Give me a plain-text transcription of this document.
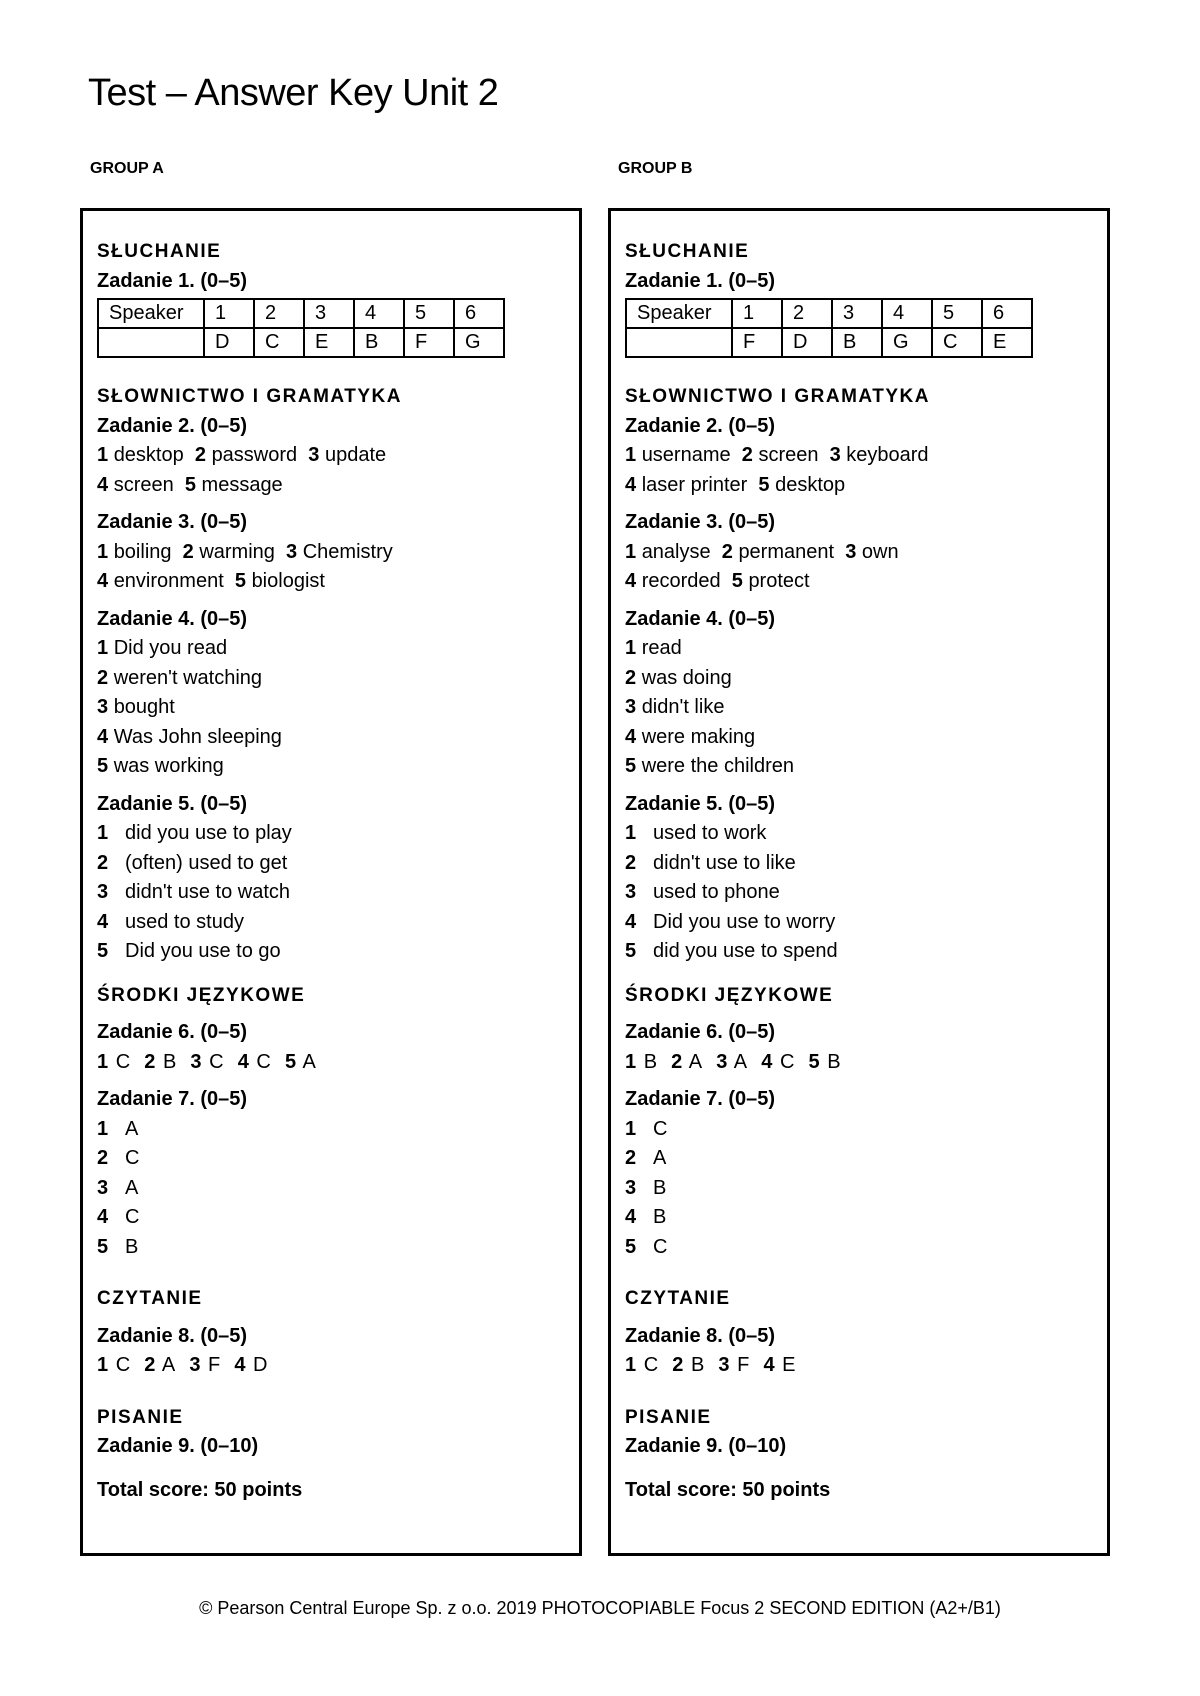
Test – Answer Key Unit 2
GROUP A	GROUP B
SŁUCHANIE
Zadanie 1. (0–5)
Speaker	1	2	3	4	5	6
	D	C	E	B	F	G
SŁOWNICTWO I GRAMATYKA
Zadanie 2. (0–5)
1 desktop 2 password 3 update
4 screen 5 message
Zadanie 3. (0–5)
1 boiling 2 warming 3 Chemistry
4 environment 5 biologist
Zadanie 4. (0–5)
1 Did you read
2 weren't watching
3 bought
4 Was John sleeping
5 was working
Zadanie 5. (0–5)
1 did you use to play
2 (often) used to get
3 didn't use to watch
4 used to study
5 Did you use to go
ŚRODKI JĘZYKOWE
Zadanie 6. (0–5)
1 C 2 B 3 C 4 C 5 A
Zadanie 7. (0–5)
1 A
2 C
3 A
4 C
5 B
CZYTANIE
Zadanie 8. (0–5)
1 C 2 A 3 F 4 D
PISANIE
Zadanie 9. (0–10)
Total score: 50 points
SŁUCHANIE
Zadanie 1. (0–5)
Speaker	1	2	3	4	5	6
	F	D	B	G	C	E
SŁOWNICTWO I GRAMATYKA
Zadanie 2. (0–5)
1 username 2 screen 3 keyboard
4 laser printer 5 desktop
Zadanie 3. (0–5)
1 analyse 2 permanent 3 own
4 recorded 5 protect
Zadanie 4. (0–5)
1 read
2 was doing
3 didn't like
4 were making
5 were the children
Zadanie 5. (0–5)
1 used to work
2 didn't use to like
3 used to phone
4 Did you use to worry
5 did you use to spend
ŚRODKI JĘZYKOWE
Zadanie 6. (0–5)
1 B 2 A 3 A 4 C 5 B
Zadanie 7. (0–5)
1 C
2 A
3 B
4 B
5 C
CZYTANIE
Zadanie 8. (0–5)
1 C 2 B 3 F 4 E
PISANIE
Zadanie 9. (0–10)
Total score: 50 points
© Pearson Central Europe Sp. z o.o. 2019 PHOTOCOPIABLE Focus 2 SECOND EDITION (A2+/B1)
